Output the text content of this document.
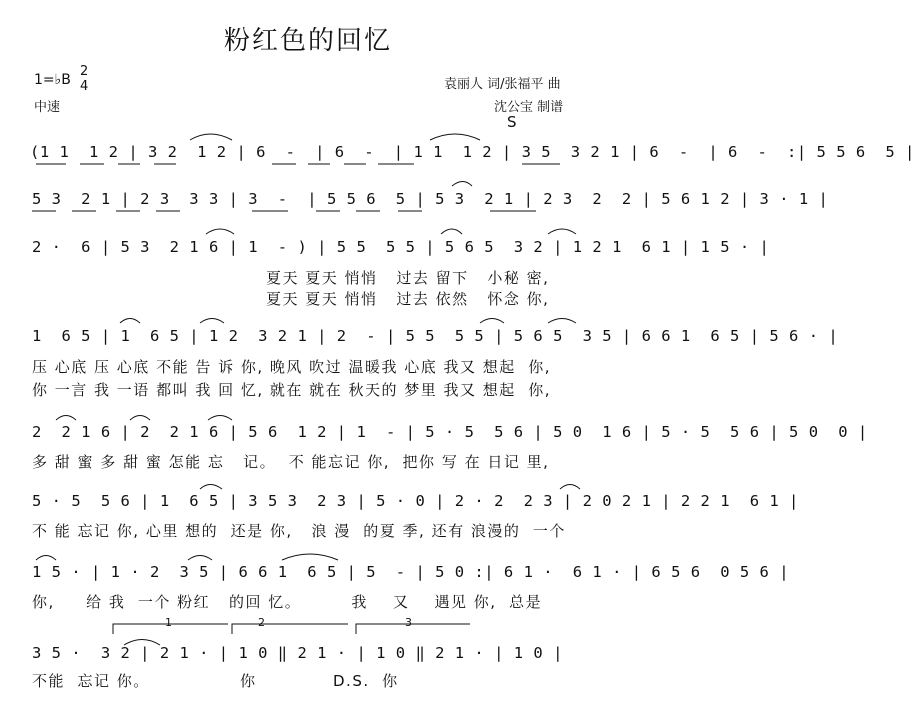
粉红色的回忆
1=♭B
2
4
中速
袁丽人 词/张福平 曲
沈公宝 制谱
S
(1 1  1 2 | 3 2  1 2 | 6  -  | 6  -  | 1 1  1 2 | 3 5  3 2 1 | 6  -  | 6  -  :| 5 5 6  5 |
5 3  2 1 | 2 3  3 3 | 3  -  | 5 5 6  5 | 5 3  2 1 | 2 3  2  2 | 5 6 1 2 | 3 · 1 |
2 ·  6 | 5 3  2 1 6 | 1  - ) | 5 5  5 5 | 5 6 5  3 2 | 1 2 1  6 1 | 1 5 · |
夏天 夏天 悄悄   过去 留下   小秘 密,
夏天 夏天 悄悄   过去 依然   怀念 你,
1  6 5 | 1  6 5 | 1 2  3 2 1 | 2  - | 5 5  5 5 | 5 6 5  3 5 | 6 6 1  6 5 | 5 6 · |
压 心底 压 心底 不能 告 诉 你, 晚风 吹过 温暖我 心底 我又 想起  你,
你 一言 我 一语 都叫 我 回 忆, 就在 就在 秋天的 梦里 我又 想起  你,
2  2 1 6 | 2  2 1 6 | 5 6  1 2 | 1  - | 5 · 5  5 6 | 5 0  1 6 | 5 · 5  5 6 | 5 0  0 |
多 甜 蜜 多 甜 蜜 怎能 忘   记。  不 能忘记 你,  把你 写 在 日记 里,
5 · 5  5 6 | 1  6 5 | 3 5 3  2 3 | 5 · 0 | 2 · 2  2 3 | 2 0 2 1 | 2 2 1  6 1 |
不 能 忘记 你, 心里 想的  还是 你,   浪 漫  的夏 季, 还有 浪漫的  一个
1 5 · | 1 · 2  3 5 | 6 6 1  6 5 | 5  - | 5 0 :| 6 1 ·  6 1 · | 6 5 6  0 5 6 |
你,     给 我  一个 粉红   的回 忆。        我    又    遇见 你,  总是
1	2	3
3 5 ·  3 2 | 2 1 · | 1 0 ‖ 2 1 · | 1 0 ‖ 2 1 · | 1 0 |
不能  忘记 你。	你	D.S.  你
